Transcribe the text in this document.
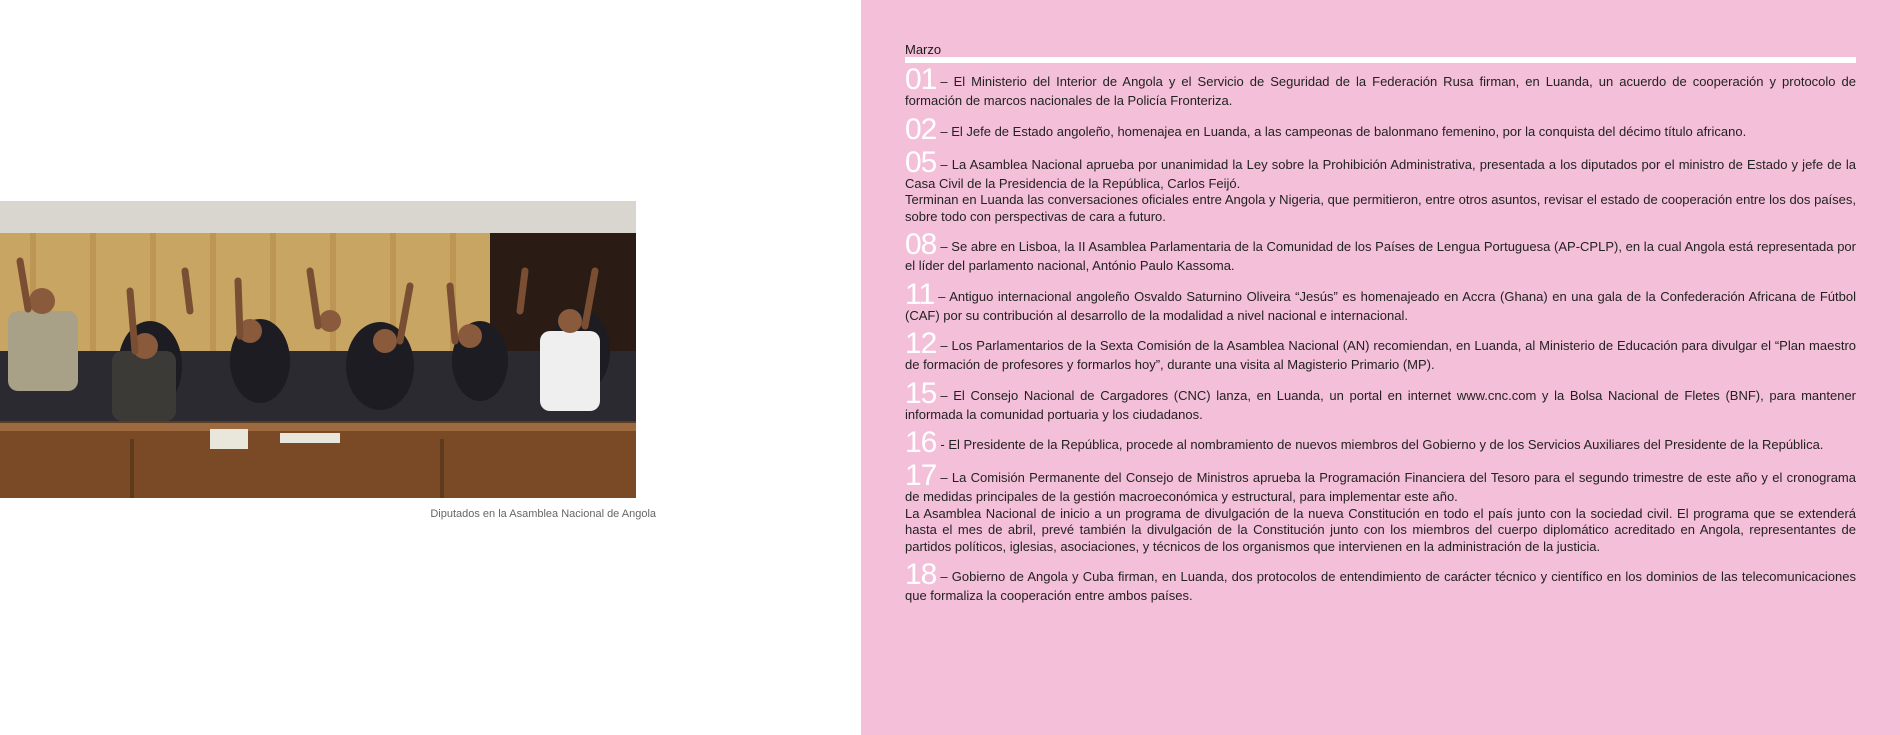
Diputados en la Asamblea Nacional de Angola
Marzo

01 – El Ministerio del Interior de Angola y el Servicio de Seguridad de la Federación Rusa firman, en Luanda, un acuerdo de cooperación y protocolo de formación de marcos nacionales de la Policía Fronteriza.

02 – El Jefe de Estado angoleño, homenajea en Luanda, a las campeonas de balonmano femenino, por la conquista del décimo título africano.

05 – La Asamblea Nacional aprueba por unanimidad la Ley sobre la Prohibición Administrativa, presentada a los diputados por el ministro de Estado y jefe de la Casa Civil de la Presidencia de la República, Carlos Feijó.

Terminan en Luanda las conversaciones oficiales entre Angola y Nigeria, que permitieron, entre otros asuntos, revisar el estado de cooperación entre los dos países, sobre todo con perspectivas de cara a futuro.

08 – Se abre en Lisboa, la II Asamblea Parlamentaria de la Comunidad de los Países de Lengua Portuguesa (AP-CPLP), en la cual Angola está representada por el líder del parlamento nacional, António Paulo Kassoma.

11 – Antiguo internacional angoleño Osvaldo Saturnino Oliveira “Jesús” es homenajeado en Accra (Ghana) en una gala de la Confederación Africana de Fútbol (CAF) por su contribución al desarrollo de la modalidad a nivel nacional e internacional.

12 – Los Parlamentarios de la Sexta Comisión de la Asamblea Nacional (AN) recomiendan, en Luanda, al Ministerio de Educación para divulgar el “Plan maestro de formación de profesores y formarlos hoy”, durante una visita al Magisterio Primario (MP).

15 – El Consejo Nacional de Cargadores (CNC) lanza, en Luanda, un portal en internet www.cnc.com y la Bolsa Nacional de Fletes (BNF), para mantener informada la comunidad portuaria y los ciudadanos.

16 - El Presidente de la República, procede al nombramiento de nuevos miembros del Gobierno y de los Servicios Auxiliares del Presidente de la República.

17 – La Comisión Permanente del Consejo de Ministros aprueba la Programación Financiera del Tesoro para el segundo trimestre de este año y el cronograma de medidas principales de la gestión macroeconómica y estructural, para implementar este año.

La Asamblea Nacional de inicio a un programa de divulgación de la nueva Constitución en todo el país junto con la sociedad civil. El programa que se extenderá hasta el mes de abril, prevé también la divulgación de la Constitución junto con los miembros del cuerpo diplomático acreditado en Angola, representantes de partidos políticos, iglesias, asociaciones, y técnicos de los organismos que intervienen en la administración de la justicia.

18 – Gobierno de Angola y Cuba firman, en Luanda, dos protocolos de entendimiento de carácter técnico y científico en los dominios de las telecomunicaciones que formaliza la cooperación entre ambos países.
